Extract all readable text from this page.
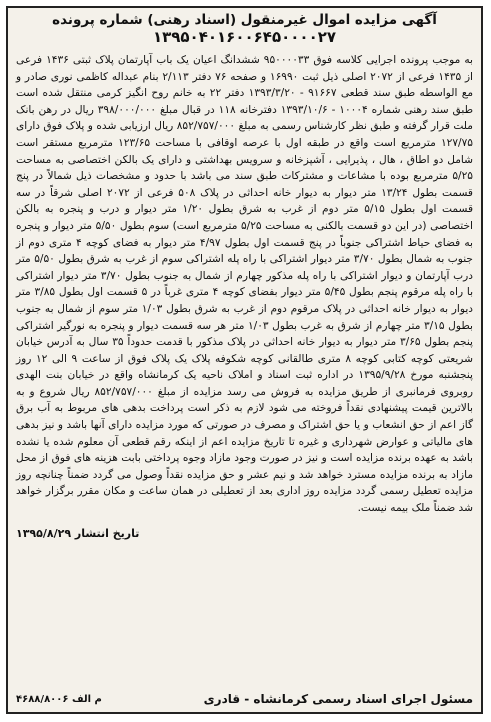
آگهی مزایده اموال غیرمنقول (اسناد رهنی) شماره پرونده
۱۳۹۵۰۴۰۱۶۰۰۶۴۵۰۰۰۰۲۷

به موجب پرونده اجرایی کلاسه فوق ۹۵۰۰۰۰۳۳ ششدانگ اعیان یک باب آپارتمان پلاک ثبتی ۱۴۳۶ فرعی از ۱۴۳۵ فرعی از ۲۰۷۲ اصلی ذیل ثبت ۱۶۹۹۰ و صفحه ۷۶ دفتر ۲/۱۱۳ بنام عبداله کاظمی نوری صادر و مع الواسطه طبق سند قطعی ۹۱۶۶۷ - ۱۳۹۳/۳/۲۰ دفتر ۲۲ به خانم روح انگیز کرمی منتقل شده است طبق سند رهنی شماره ۱۰۰۰۴ - ۱۳۹۳/۱۰/۶ دفترخانه ۱۱۸ در قبال مبلغ ۳۹۸/۰۰۰/۰۰۰ ریال در رهن بانک ملت قرار گرفته و طبق نظر کارشناس رسمی به مبلغ ۸۵۲/۷۵۷/۰۰۰ ریال ارزیابی شده و پلاک فوق دارای ۱۲۷/۷۵ مترمربع است واقع در طبقه اول با عرصه اوقافی با مساحت ۱۲۳/۶۵ مترمربع مستقر است شامل دو اطاق ، هال ، پذیرایی ، آشپزخانه و سرویس بهداشتی و دارای یک بالکن اختصاصی به مساحت ۵/۲۵ مترمربع بوده با مشاعات و مشترکات طبق سند می باشد با حدود و مشخصات ذیل شمالاً در پنج قسمت بطول ۱۳/۲۴ متر دیوار به دیوار خانه احداثی در پلاک ۵۰۸ فرعی از ۲۰۷۲ اصلی شرقاً در سه قسمت اول بطول ۵/۱۵ متر دوم از غرب به شرق بطول ۱/۲۰ متر دیوار و درب و پنجره به بالکن اختصاصی (در این دو قسمت بالکنی به مساحت ۵/۲۵ مترمربع است) سوم بطول ۵/۵۰ متر دیوار و پنجره به فضای حیاط اشتراکی جنوباً در پنج قسمت اول بطول ۴/۹۷ متر دیوار به فضای کوچه ۴ متری دوم از جنوب به شمال بطول ۳/۷۰ متر دیوار اشتراکی با راه پله اشتراکی سوم از غرب به شرق بطول ۵/۵۰ متر درب آپارتمان و دیوار اشتراکی با راه پله مذکور چهارم از شمال به جنوب بطول ۳/۷۰ متر دیوار اشتراکی با راه پله مرقوم پنجم بطول ۵/۴۵ متر دیوار بفضای کوچه ۴ متری غرباً در ۵ قسمت اول بطول ۳/۸۵ متر دیوار به دیوار خانه احداثی در پلاک مرقوم دوم از غرب به شرق بطول ۱/۰۳ متر سوم از شمال به جنوب بطول ۳/۱۵ متر چهارم از شرق به غرب بطول ۱/۰۳ متر هر سه قسمت دیوار و پنجره به نورگیر اشتراکی پنجم بطول ۳/۶۵ متر دیوار به دیوار خانه احداثی در پلاک مذکور با قدمت حدوداً ۳۵ سال به آدرس خیابان شریعتی کوچه کتابی کوچه ۸ متری طالقانی کوچه شکوفه پلاک یک پلاک فوق از ساعت ۹ الی ۱۲ روز پنجشنبه مورخ ۱۳۹۵/۹/۲۸ در اداره ثبت اسناد و املاک ناحیه یک کرمانشاه واقع در خیابان بنت الهدی روبروی فرمانبری از طریق مزایده به فروش می رسد مزایده از مبلغ ۸۵۲/۷۵۷/۰۰۰ ریال شروع و به بالاترین قیمت پیشنهادی نقداً فروخته می شود لازم به ذکر است پرداخت بدهی های مربوط به آب برق گاز اعم از حق انشعاب و یا حق اشتراک و مصرف در صورتی که مورد مزایده دارای آنها باشد و نیز بدهی های مالیاتی و عوارض شهرداری و غیره تا تاریخ مزایده اعم از اینکه رقم قطعی آن معلوم شده یا نشده باشد به عهده برنده مزایده است و نیز در صورت وجود مازاد وجوه پرداختی بابت هزینه های فوق از محل مازاد به برنده مزایده مسترد خواهد شد و نیم عشر و حق مزایده نقداً وصول می گردد ضمناً چنانچه روز مزایده تعطیل رسمی گردد مزایده روز اداری بعد از تعطیلی در همان ساعت و مکان مقرر برگزار خواهد شد ضمناً ملک بیمه نیست.

تاریخ انتشار ۱۳۹۵/۸/۲۹
مسئول اجرای اسناد رسمی کرمانشاه - قادری
م الف ۴۶۸۸/۸۰۰۶
